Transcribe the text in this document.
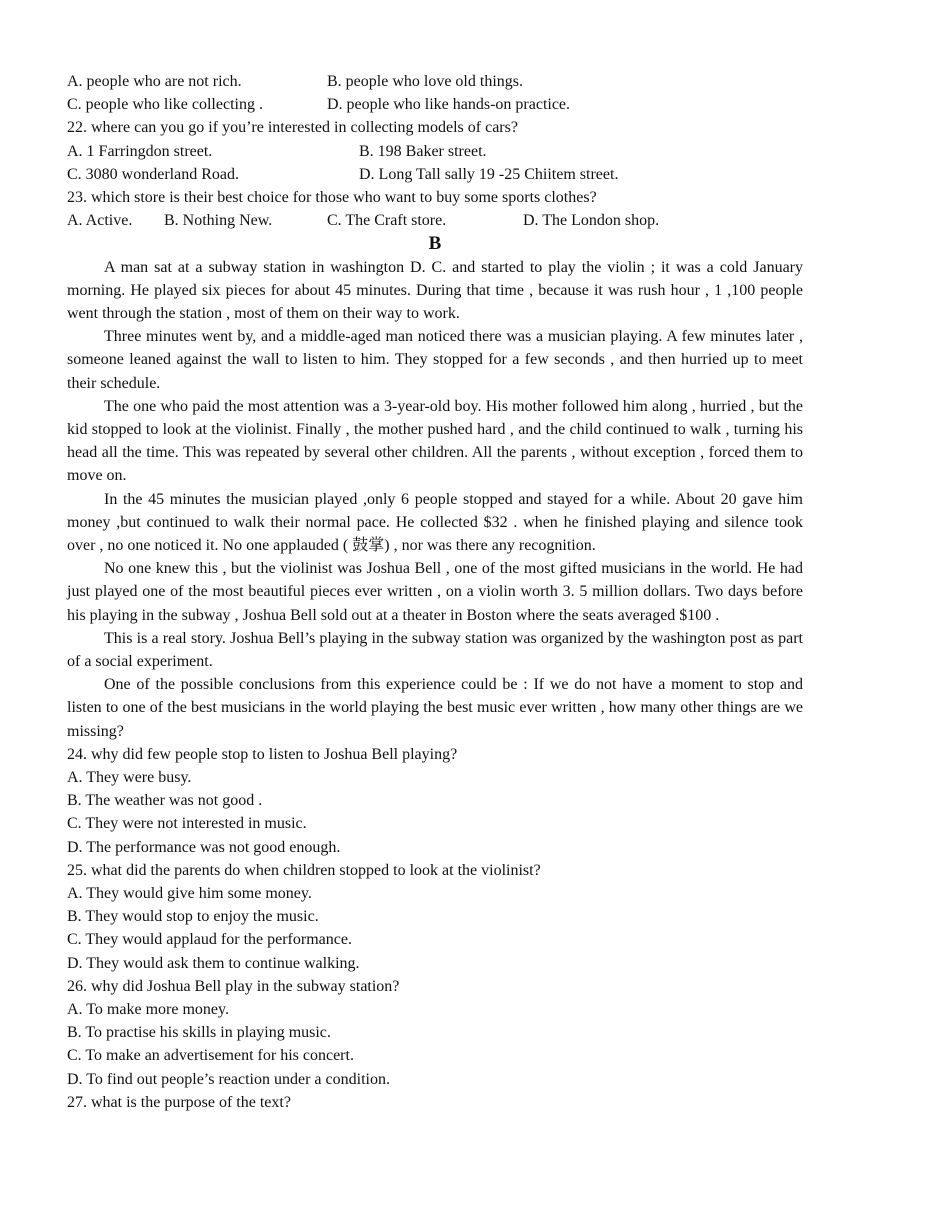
A. people who are not rich.	B. people who love old things.
C. people who like collecting .	D. people who like hands-on practice.

22. where can you go if you’re interested in collecting models of cars?

A. 1 Farringdon street.	B. 198 Baker street.
C. 3080 wonderland Road.	D. Long Tall sally 19 -25 Chiitem street.

23. which store is their best choice for those who want to buy some sports clothes?

A. Active. B. Nothing New.	C. The Craft store.	D. The London shop.

B

A man sat at a subway station in washington D. C. and started to play the violin ; it was a cold January morning. He played six pieces for about 45 minutes. During that time , because it was rush hour , 1 ,100 people went through the station , most of them on their way to work.

Three minutes went by, and a middle-aged man noticed there was a musician playing. A few minutes later , someone leaned against the wall to listen to him. They stopped for a few seconds , and then hurried up to meet their schedule.

The one who paid the most attention was a 3-year-old boy. His mother followed him along , hurried , but the kid stopped to look at the violinist. Finally , the mother pushed hard , and the child continued to walk , turning his head all the time. This was repeated by several other children. All the parents , without exception , forced them to move on.

In the 45 minutes the musician played ,only 6 people stopped and stayed for a while. About 20 gave him money ,but continued to walk their normal pace. He collected $32 . when he finished playing and silence took over , no one noticed it. No one applauded ( 鼓掌) , nor was there any recognition.

No one knew this , but the violinist was Joshua Bell , one of the most gifted musicians in the world. He had just played one of the most beautiful pieces ever written , on a violin worth 3. 5 million dollars. Two days before his playing in the subway , Joshua Bell sold out at a theater in Boston where the seats averaged $100 .

This is a real story. Joshua Bell’s playing in the subway station was organized by the washington post as part of a social experiment.

One of the possible conclusions from this experience could be : If we do not have a moment to stop and listen to one of the best musicians in the world playing the best music ever written , how many other things are we missing?

24. why did few people stop to listen to Joshua Bell playing?

A. They were busy.

B. The weather was not good .

C. They were not interested in music.

D. The performance was not good enough.

25. what did the parents do when children stopped to look at the violinist?

A. They would give him some money.

B. They would stop to enjoy the music.

C. They would applaud for the performance.

D. They would ask them to continue walking.

26. why did Joshua Bell play in the subway station?

A. To make more money.

B. To practise his skills in playing music.

C. To make an advertisement for his concert.

D. To find out people’s reaction under a condition.

27. what is the purpose of the text?
